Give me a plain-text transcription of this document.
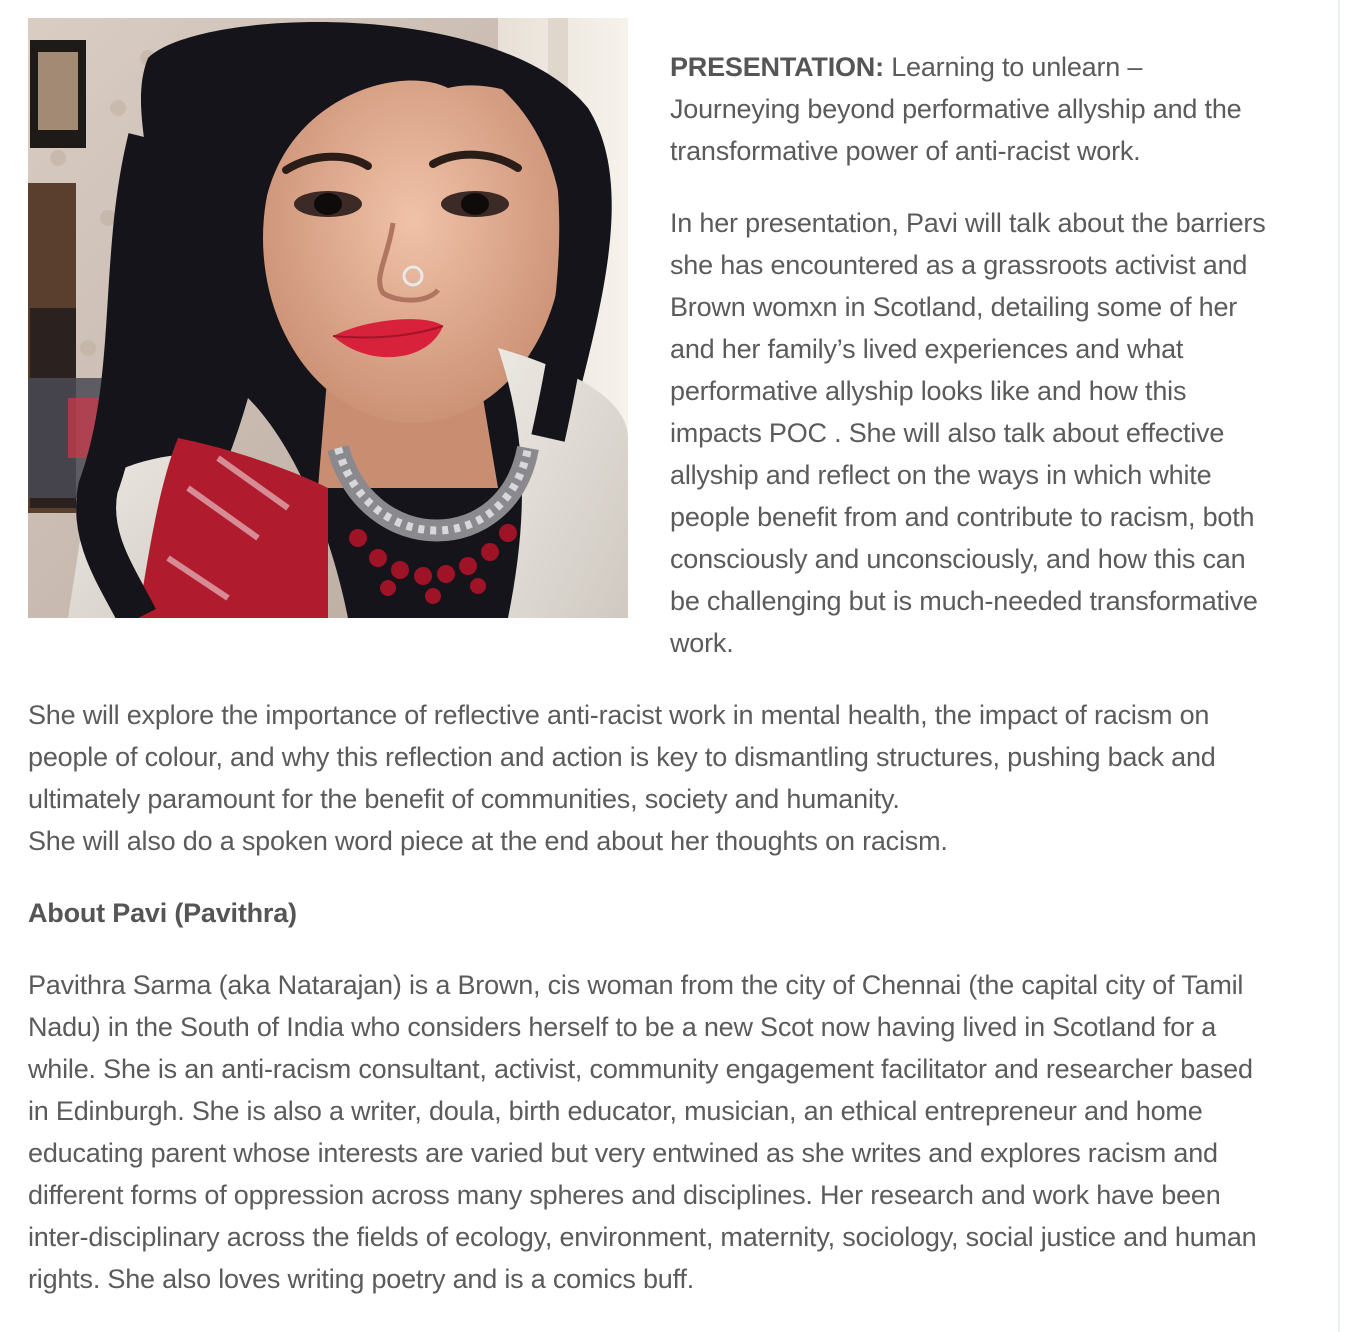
PRESENTATION: Learning to unlearn – Journeying beyond performative allyship and the transformative power of anti-racist work.

In her presentation, Pavi will talk about the barriers she has encountered as a grassroots activist and Brown womxn in Scotland, detailing some of her and her family’s lived experiences and what performative allyship looks like and how this impacts POC . She will also talk about effective allyship and reflect on the ways in which white people benefit from and contribute to racism, both consciously and unconsciously, and how this can be challenging but is much-needed transformative work.

She will explore the importance of reflective anti-racist work in mental health, the impact of racism on people of colour, and why this reflection and action is key to dismantling structures, pushing back and ultimately paramount for the benefit of communities, society and humanity.

She will also do a spoken word piece at the end about her thoughts on racism.

About Pavi (Pavithra)

Pavithra Sarma (aka Natarajan) is a Brown, cis woman from the city of Chennai (the capital city of Tamil Nadu) in the South of India who considers herself to be a new Scot now having lived in Scotland for a while. She is an anti-racism consultant, activist, community engagement facilitator and researcher based in Edinburgh. She is also a writer, doula, birth educator, musician, an ethical entrepreneur and home educating parent whose interests are varied but very entwined as she writes and explores racism and different forms of oppression across many spheres and disciplines. Her research and work have been inter-disciplinary across the fields of ecology, environment, maternity, sociology, social justice and human rights. She also loves writing poetry and is a comics buff.
